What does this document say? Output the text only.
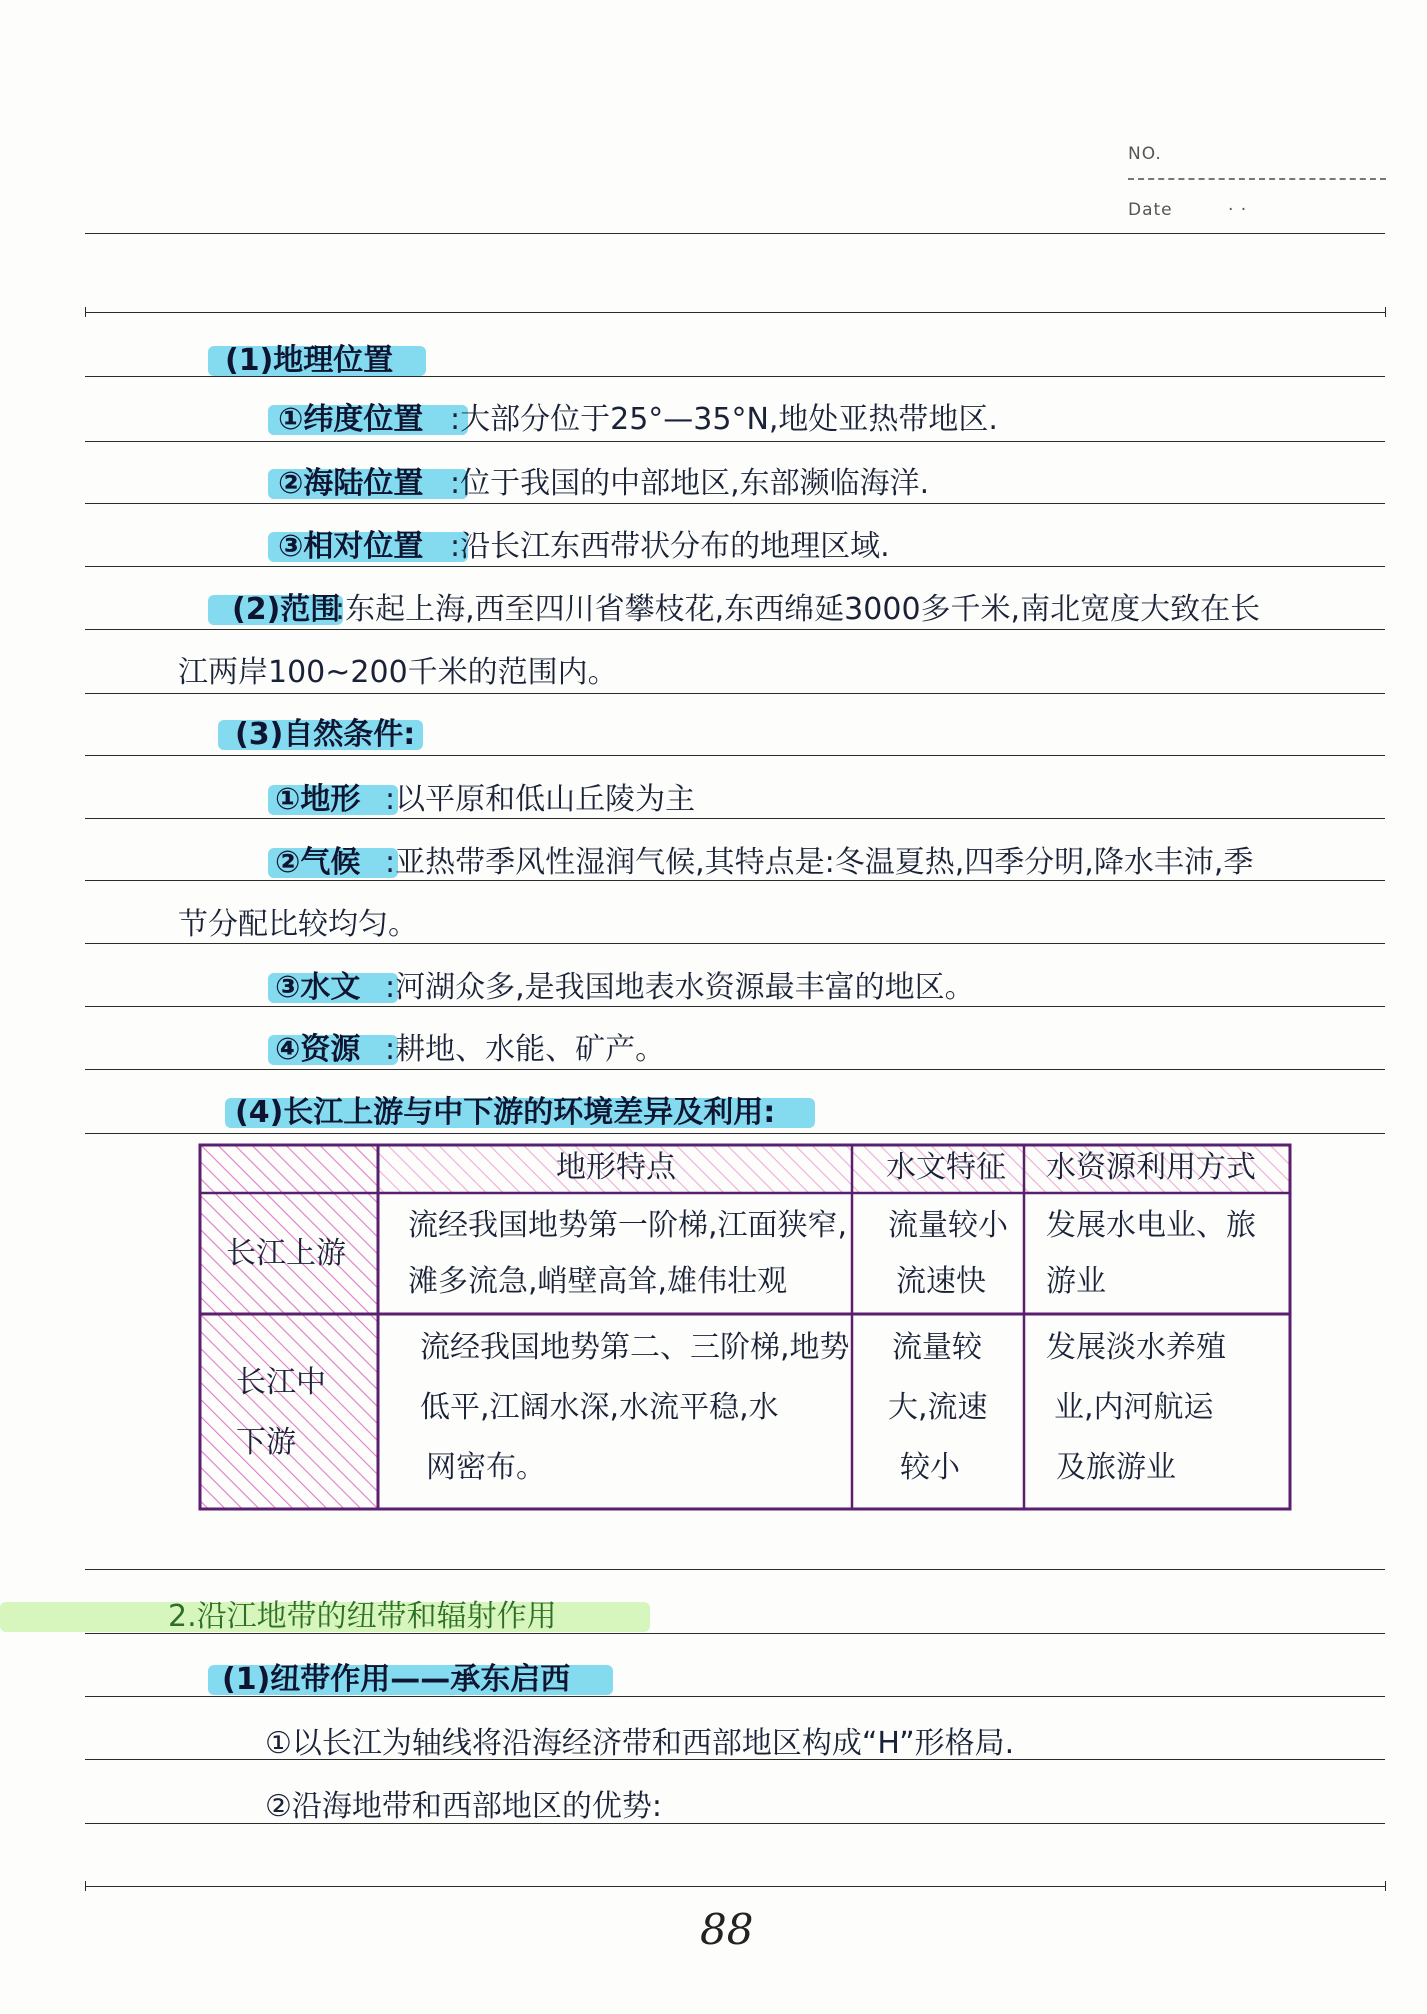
NO.
Date	· ·
(1)地理位置
①纬度位置 :大部分位于25°—35°N,地处亚热带地区.
②海陆位置 :位于我国的中部地区,东部濒临海洋.
③相对位置 :沿长江东西带状分布的地理区域.
(2)范围
:东起上海,西至四川省攀枝花,东西绵延3000多千米,南北宽度大致在长
江两岸100~200千米的范围内。
(3)自然条件:
①地形 :以平原和低山丘陵为主
②气候 :亚热带季风性湿润气候,其特点是:冬温夏热,四季分明,降水丰沛,季
节分配比较均匀。
③水文 :河湖众多,是我国地表水资源最丰富的地区。
④资源 :耕地、水能、矿产。
(4)长江上游与中下游的环境差异及利用:
地形特点	水文特征 水资源利用方式
长江上游
流经我国地势第一阶梯,江面狭窄,
滩多流急,峭壁高耸,雄伟壮观
流量较小
流速快
发展水电业、旅
游业
长江中
下游
流经我国地势第二、三阶梯,地势
低平,江阔水深,水流平稳,水
网密布。
流量较
大,流速
较小
发展淡水养殖
业,内河航运
及旅游业
2.沿江地带的纽带和辐射作用
(1)纽带作用——承东启西
①以长江为轴线将沿海经济带和西部地区构成“H”形格局.
②沿海地带和西部地区的优势:
88
